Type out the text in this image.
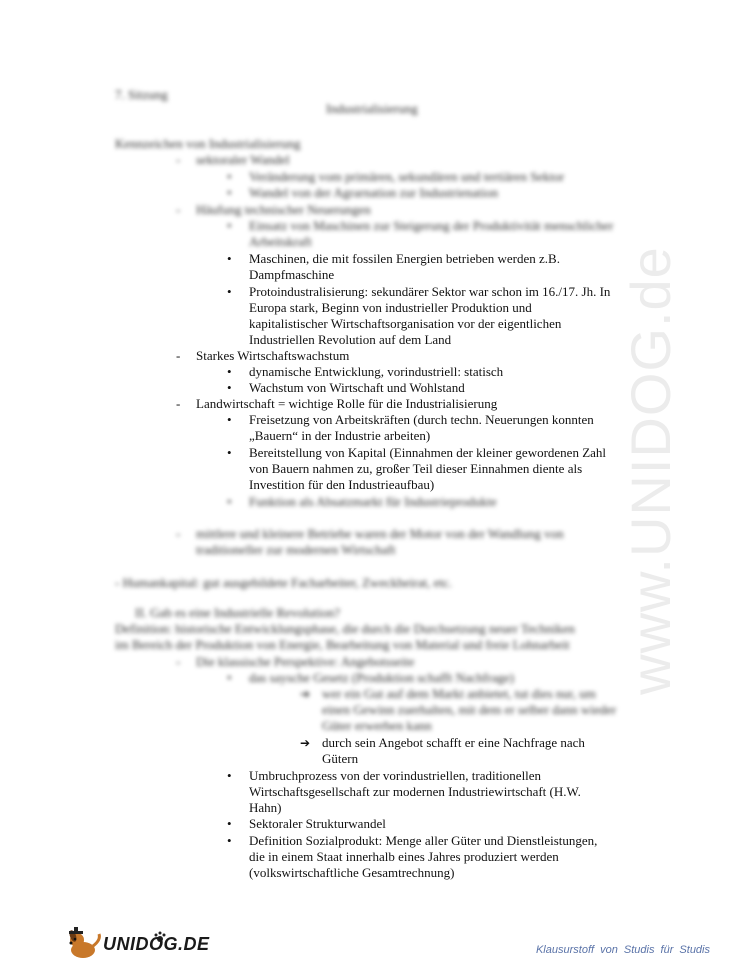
7. Sitzung
Industrialisierung
Kennzeichen von Industrialisierung
- sektoraler Wandel
• Veränderung vom primären, sekundären und tertiären Sektor
• Wandel von der Agrarnation zur Industrienation
- Häufung technischer Neuerungen
• Einsatz von Maschinen zur Steigerung der Produktivität menschlicher
Arbeitskraft
• Maschinen, die mit fossilen Energien betrieben werden z.B.
Dampfmaschine
• Protoindustralisierung: sekundärer Sektor war schon im 16./17. Jh. In
Europa stark, Beginn von industrieller Produktion und
kapitalistischer Wirtschaftsorganisation vor der eigentlichen
Industriellen Revolution auf dem Land
- Starkes Wirtschaftswachstum
• dynamische Entwicklung, vorindustriell: statisch
• Wachstum von Wirtschaft und Wohlstand
- Landwirtschaft = wichtige Rolle für die Industrialisierung
• Freisetzung von Arbeitskräften (durch techn. Neuerungen konnten
„Bauern“ in der Industrie arbeiten)
• Bereitstellung von Kapital (Einnahmen der kleiner gewordenen Zahl
von Bauern nahmen zu, großer Teil dieser Einnahmen diente als
Investition für den Industrieaufbau)
• Funktion als Absatzmarkt für Industrieprodukte
- mittlere und kleinere Betriebe waren der Motor von der Wandlung von
traditioneller zur modernen Wirtschaft
- Humankapital: gut ausgebildete Facharbeiter, Zweckheirat, etc.
II. Gab es eine Industrielle Revolution?
Definition: historische Entwicklungsphase, die durch die Durchsetzung neuer Techniken
im Bereich der Produktion von Energie, Bearbeitung von Material und freie Lohnarbeit
- Die klassische Perspektive: Angebotsseite
• das saysche Gesetz (Produktion schafft Nachfrage)
➔ wer ein Gut auf dem Markt anbietet, tut dies nur, um
einen Gewinn zuerhalten, mit dem er selber dann wieder
Güter erwerben kann
➔ durch sein Angebot schafft er eine Nachfrage nach
Gütern
• Umbruchprozess von der vorindustriellen, traditionellen
Wirtschaftsgesellschaft zur modernen Industriewirtschaft (H.W.
Hahn)
• Sektoraler Strukturwandel
• Definition Sozialprodukt: Menge aller Güter und Dienstleistungen,
die in einem Staat innerhalb eines Jahres produziert werden
(volkswirtschaftliche Gesamtrechnung)
www.UNIDOG.de
UNIDOG.DE	Klausurstoff von Studis für Studis
